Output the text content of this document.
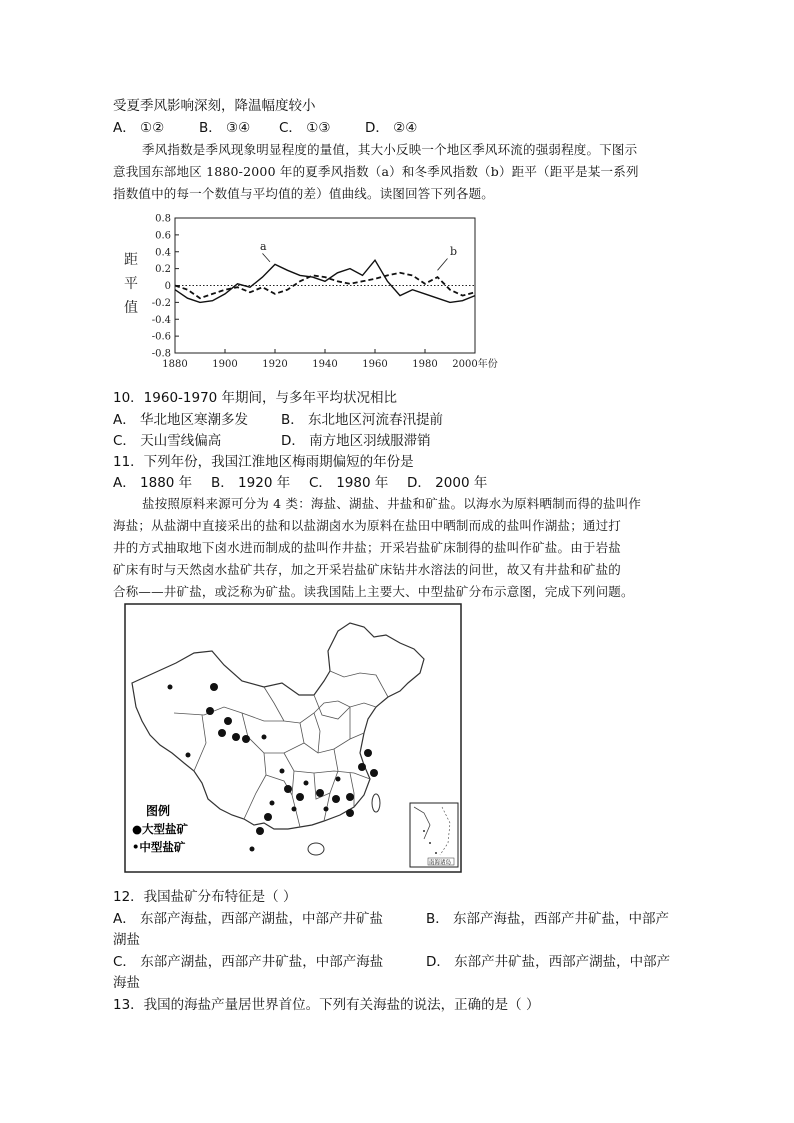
受夏季风影响深刻，降温幅度较小
A． ①②	B． ③④ C． ①③	D． ②④
季风指数是季风现象明显程度的量值，其大小反映一个地区季风环流的强弱程度。下图示
意我国东部地区 1880-2000 年的夏季风指数（a）和冬季风指数（b）距平（距平是某一系列
指数值中的每一个数值与平均值的差）值曲线。读图回答下列各题。
0.8
0.6
0.4
0.2
0
-0.2
-0.4
-0.6
-0.8
1880 1900 1920 1940 1960 1980 2000年份
距
平
值
a	b
10．1960-1970 年期间，与多年平均状况相比
A． 华北地区寒潮多发 B． 东北地区河流春汛提前
C． 天山雪线偏高	D． 南方地区羽绒服滞销
11．下列年份，我国江淮地区梅雨期偏短的年份是
A． 1880 年 B． 1920 年 C． 1980 年 D． 2000 年
盐按照原料来源可分为 4 类：海盐、湖盐、井盐和矿盐。以海水为原料晒制而得的盐叫作
海盐；从盐湖中直接采出的盐和以盐湖卤水为原料在盐田中晒制而成的盐叫作湖盐；通过打
井的方式抽取地下卤水进而制成的盐叫作井盐；开采岩盐矿床制得的盐叫作矿盐。由于岩盐
矿床有时与天然卤水盐矿共存，加之开采岩盐矿床钻井水溶法的问世，故又有井盐和矿盐的
合称——井矿盐，或泛称为矿盐。读我国陆上主要大、中型盐矿分布示意图，完成下列问题。
图例
●大型盐矿
•中型盐矿
南海诸岛
12．我国盐矿分布特征是（ ）
A． 东部产海盐，西部产湖盐，中部产井矿盐	B． 东部产海盐，西部产井矿盐，中部产
湖盐
C． 东部产湖盐，西部产井矿盐，中部产海盐	D． 东部产井矿盐，西部产湖盐，中部产
海盐
13．我国的海盐产量居世界首位。下列有关海盐的说法，正确的是（ ）
